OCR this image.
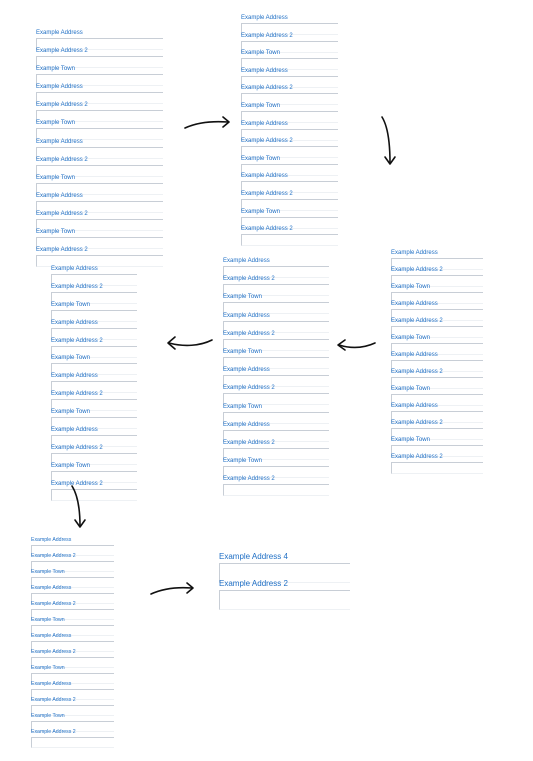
Example Address
Example Address 2
Example Town
Example Address
Example Address 2
Example Town
Example Address
Example Address 2
Example Town
Example Address
Example Address 2
Example Town
Example Address 2
Example Address
Example Address 2
Example Town
Example Address
Example Address 2
Example Town
Example Address
Example Address 2
Example Town
Example Address
Example Address 2
Example Town
Example Address 2
Example Address
Example Address 2
Example Town
Example Address
Example Address 2
Example Town
Example Address
Example Address 2
Example Town
Example Address
Example Address 2
Example Town
Example Address 2
Example Address
Example Address 2
Example Town
Example Address
Example Address 2
Example Town
Example Address
Example Address 2
Example Town
Example Address
Example Address 2
Example Town
Example Address 2
Example Address
Example Address 2
Example Town
Example Address
Example Address 2
Example Town
Example Address
Example Address 2
Example Town
Example Address
Example Address 2
Example Town
Example Address 2
Example Address
Example Address 2
Example Town
Example Address
Example Address 2
Example Town
Example Address
Example Address 2
Example Town
Example Address
Example Address 2
Example Town
Example Address 2
Example Address 4
Example Address 2
